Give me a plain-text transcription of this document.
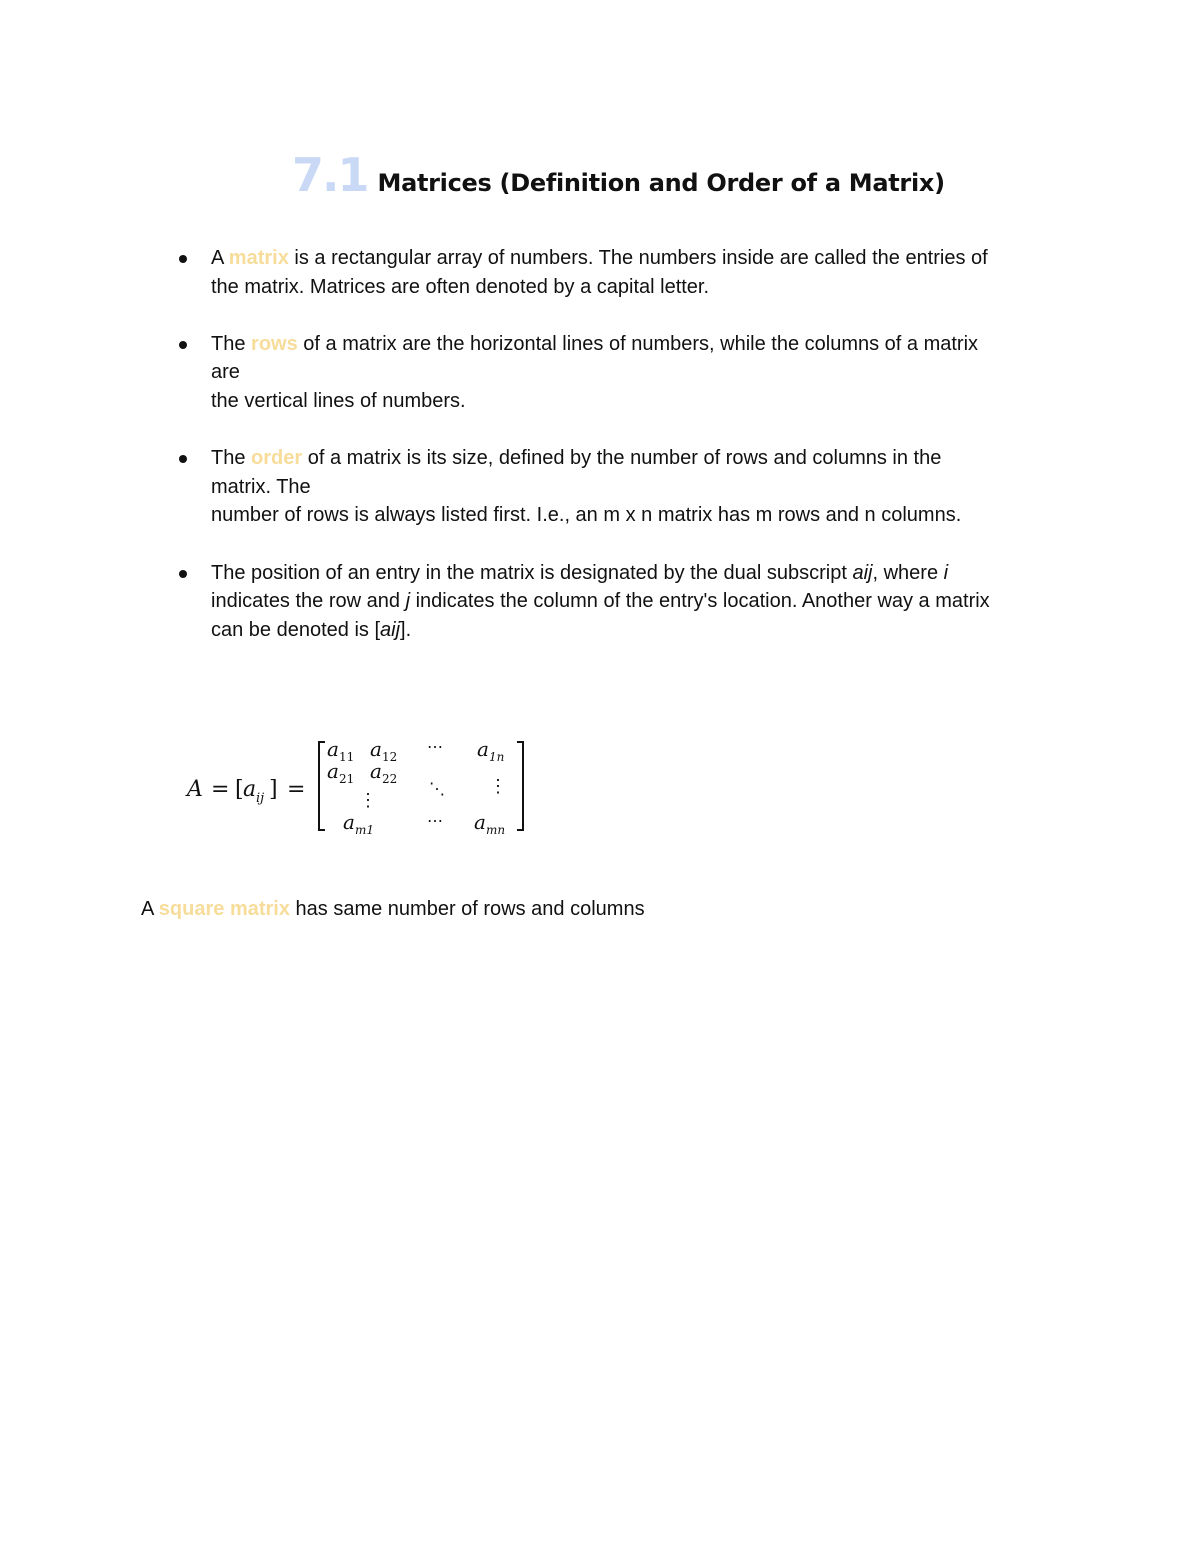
7.1 Matrices (Definition and Order of a Matrix)
A matrix is a rectangular array of numbers. The numbers inside are called the entries of
the matrix. Matrices are often denoted by a capital letter.
The rows of a matrix are the horizontal lines of numbers, while the columns of a matrix
are
the vertical lines of numbers.
The order of a matrix is its size, defined by the number of rows and columns in the
matrix. The
number of rows is always listed first. I.e., an m x n matrix has m rows and n columns.
The position of an entry in the matrix is designated by the dual subscript aij, where i
indicates the row and j indicates the column of the entry's location. Another way a matrix
can be denoted is [aij].
A = [ a ij ] =
a 11 a 12
⋯ a 1n
a 21 a 22 ⋱ ⋮
⋮
a m1	⋯ a mn
A square matrix has same number of rows and columns
